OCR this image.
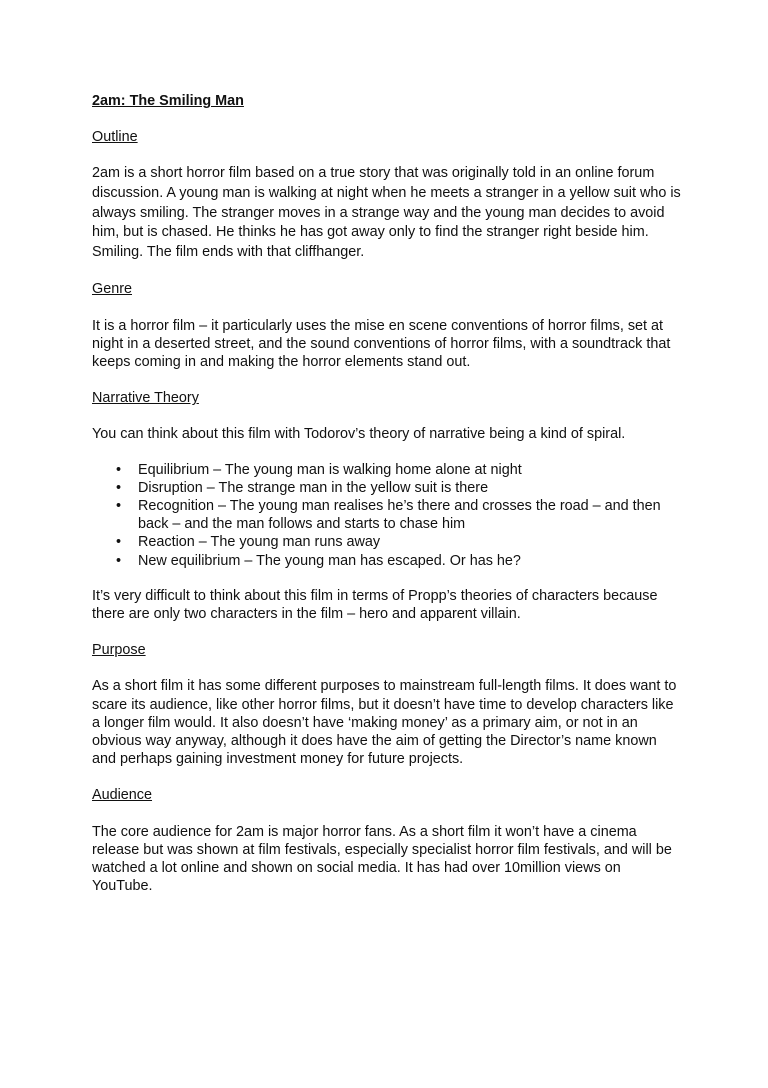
2am: The Smiling Man
Outline
2am is a short horror film based on a true story that was originally told in an online forum discussion. A young man is walking at night when he meets a stranger in a yellow suit who is always smiling. The stranger moves in a strange way and the young man decides to avoid him, but is chased. He thinks he has got away only to find the stranger right beside him. Smiling. The film ends with that cliffhanger.
Genre
It is a horror film – it particularly uses the mise en scene conventions of horror films, set at night in a deserted street, and the sound conventions of horror films, with a soundtrack that keeps coming in and making the horror elements stand out.
Narrative Theory
You can think about this film with Todorov’s theory of narrative being a kind of spiral.
• Equilibrium – The young man is walking home alone at night
• Disruption – The strange man in the yellow suit is there
• Recognition – The young man realises he’s there and crosses the road – and then back – and the man follows and starts to chase him
• Reaction – The young man runs away
• New equilibrium – The young man has escaped. Or has he?
It’s very difficult to think about this film in terms of Propp’s theories of characters because there are only two characters in the film – hero and apparent villain.
Purpose
As a short film it has some different purposes to mainstream full-length films. It does want to scare its audience, like other horror films, but it doesn’t have time to develop characters like a longer film would. It also doesn’t have ‘making money’ as a primary aim, or not in an obvious way anyway, although it does have the aim of getting the Director’s name known and perhaps gaining investment money for future projects.
Audience
The core audience for 2am is major horror fans. As a short film it won’t have a cinema release but was shown at film festivals, especially specialist horror film festivals, and will be watched a lot online and shown on social media. It has had over 10million views on YouTube.
